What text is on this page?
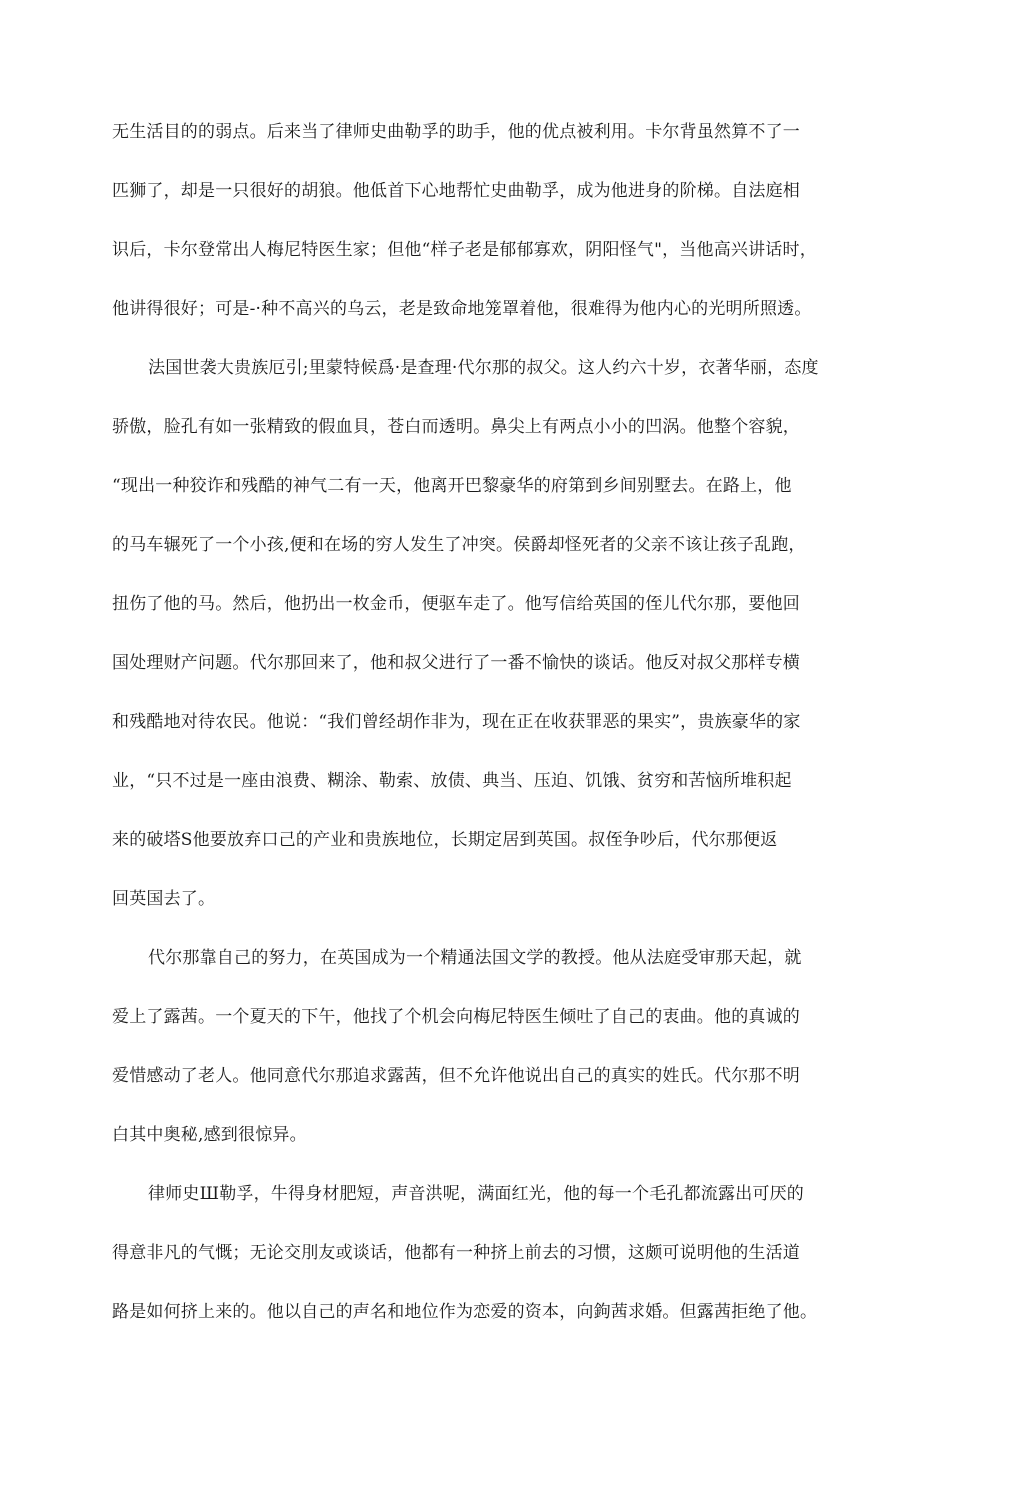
无生活目的的弱点。后来当了律师史曲勒孚的助手，他的优点被利用。卡尔背虽然算不了一
匹狮了，却是一只很好的胡狼。他低首下心地帮忙史曲勒孚，成为他进身的阶梯。自法庭相
识后，卡尔登常出人梅尼特医生家；但他“样子老是郁郁寡欢，阴阳怪气"，当他高兴讲话时，
他讲得很好；可是-·种不高兴的乌云，老是致命地笼罩着他，很难得为他内心的光明所照透。
法国世袭大贵族厄引;里蒙特候爲·是查理·代尔那的叔父。这人约六十岁，衣著华丽，态度
骄傲，脸孔有如一张精致的假血貝，苍白而透明。鼻尖上有两点小小的凹涡。他整个容貌，
“现出一种狡诈和残酷的神气二有一天，他离开巴黎豪华的府第到乡间别墅去。在路上，他
的马车辗死了一个小孩,便和在场的穷人发生了冲突。侯爵却怪死者的父亲不该让孩子乱跑，
扭伤了他的马。然后，他扔出一枚金币，便驱车走了。他写信给英国的侄儿代尔那，要他回
国处理财产问题。代尔那回来了，他和叔父进行了一番不愉快的谈话。他反对叔父那样专横
和残酷地对待农民。他说：“我们曾经胡作非为，现在正在收获罪恶的果实”，贵族豪华的家
业，“只不过是一座由浪费、糊涂、勒索、放债、典当、压迫、饥饿、贫穷和苦恼所堆积起
来的破塔S他要放弃口己的产业和贵族地位，长期定居到英国。叔侄争吵后，代尔那便返
回英国去了。
代尔那靠自己的努力，在英国成为一个精通法国文学的教授。他从法庭受审那天起，就
爱上了露茜。一个夏天的下午，他找了个机会向梅尼特医生倾吐了自己的衷曲。他的真诚的
爱惜感动了老人。他同意代尔那追求露茜，但不允许他说出自己的真实的姓氏。代尔那不明
白其中奥秘,感到很惊异。
律师史Ш勒孚，牛得身材肥短，声音洪呢，满面红光，他的每一个毛孔都流露出可厌的
得意非凡的气慨；无论交刖友或谈话，他都有一种挤上前去的习惯，这颇可说明他的生活道
路是如何挤上来的。他以自己的声名和地位作为恋爱的资本，向鉤茜求婚。但露茜拒绝了他。
